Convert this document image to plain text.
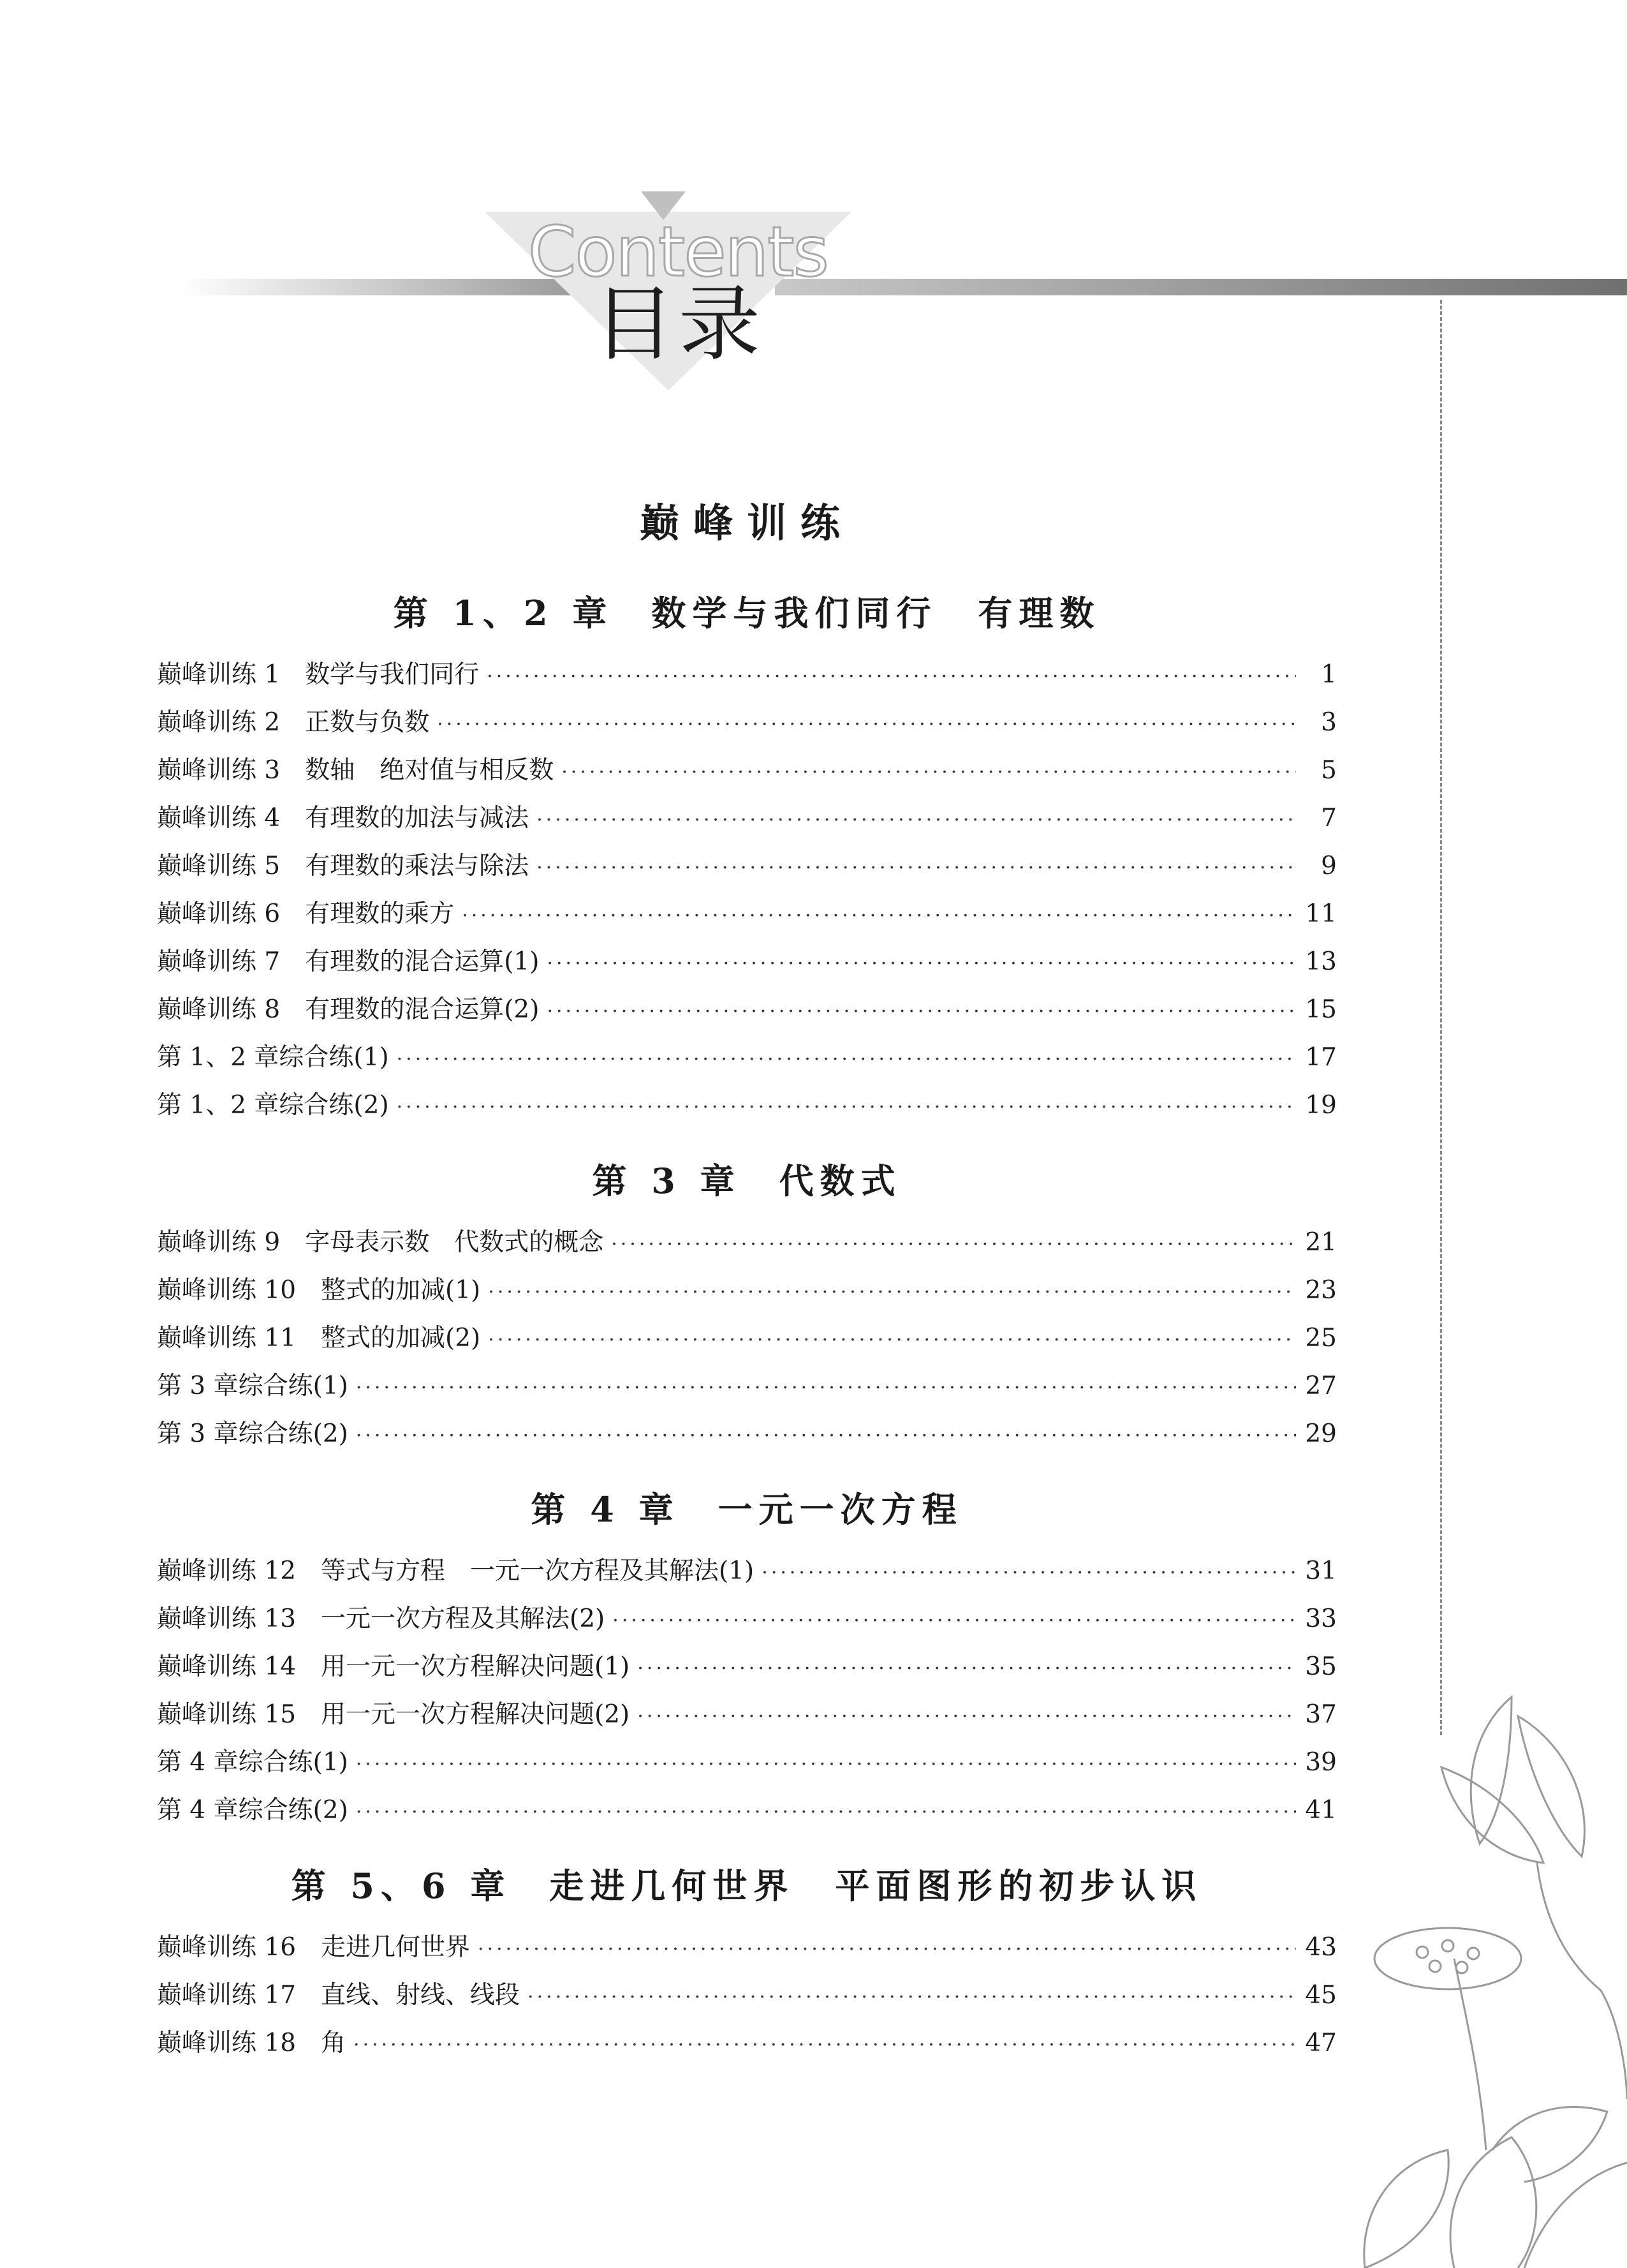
Contents
目录
巅峰训练
第 1、2 章 数学与我们同行　有理数
巅峰训练 1　数学与我们同行 ·····	1
巅峰训练 2　正数与负数 ·····	3
巅峰训练 3　数轴　绝对值与相反数 ·····	5
巅峰训练 4　有理数的加法与减法 ·····	7
巅峰训练 5　有理数的乘法与除法 ·····	9
巅峰训练 6　有理数的乘方 ·····	11
巅峰训练 7　有理数的混合运算(1) ·····	13
巅峰训练 8　有理数的混合运算(2) ·····	15
第 1、2 章综合练(1) ·····	17
第 1、2 章综合练(2) ·····	19
第 3 章 代数式
巅峰训练 9　字母表示数　代数式的概念 ·····	21
巅峰训练 10　整式的加减(1) ·····	23
巅峰训练 11　整式的加减(2) ·····	25
第 3 章综合练(1) ·····	27
第 3 章综合练(2) ·····	29
第 4 章 一元一次方程
巅峰训练 12　等式与方程　一元一次方程及其解法(1) ·····	31
巅峰训练 13　一元一次方程及其解法(2) ·····	33
巅峰训练 14　用一元一次方程解决问题(1) ·····	35
巅峰训练 15　用一元一次方程解决问题(2) ·····	37
第 4 章综合练(1) ·····	39
第 4 章综合练(2) ·····	41
第 5、6 章 走进几何世界　平面图形的初步认识
巅峰训练 16　走进几何世界 ·····	43
巅峰训练 17　直线、射线、线段 ·····	45
巅峰训练 18　角 ·····	47
